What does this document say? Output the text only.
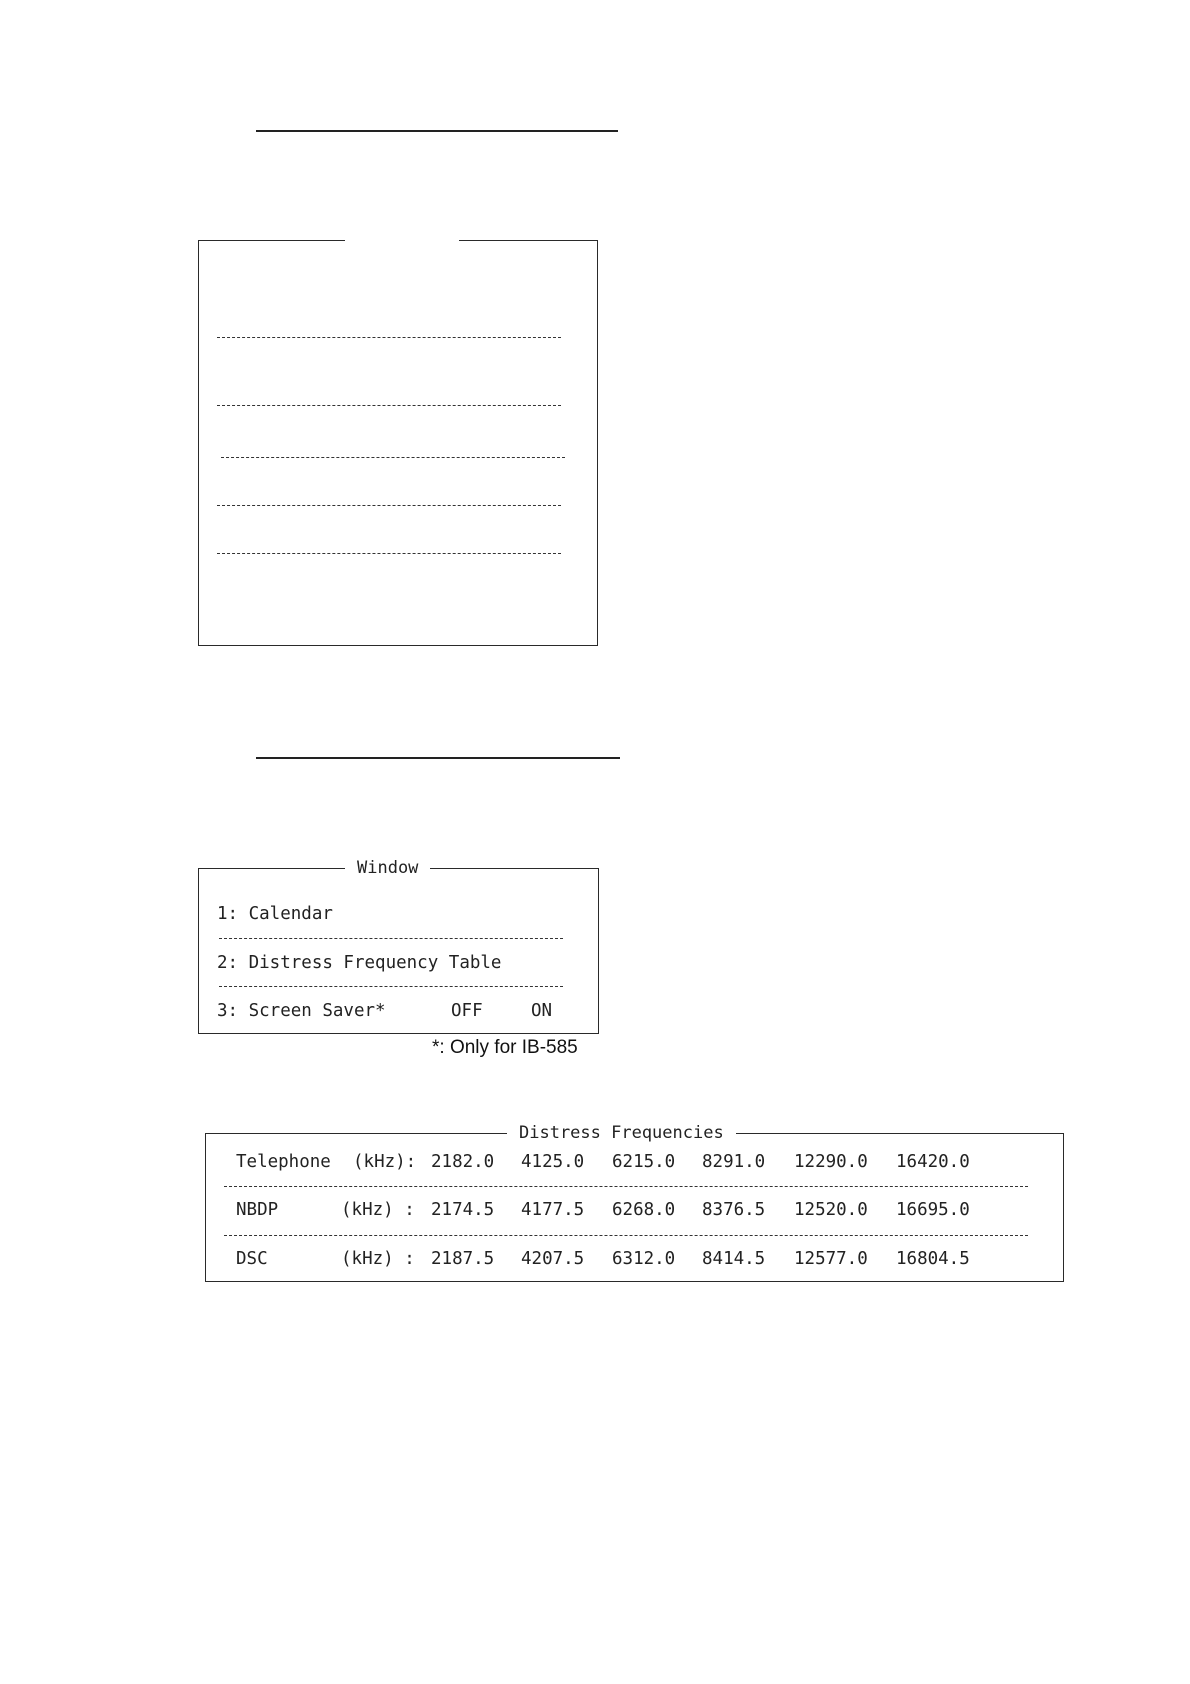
Window
1: Calendar
2: Distress Frequency Table
3: Screen Saver*	OFF	ON
*: Only for IB-585
Distress Frequencies
Telephone (kHz): 2182.0 4125.0 6215.0 8291.0 12290.0 16420.0
NBDP	(kHz) : 2174.5 4177.5 6268.0 8376.5 12520.0 16695.0
DSC	(kHz) : 2187.5 4207.5 6312.0 8414.5 12577.0 16804.5
